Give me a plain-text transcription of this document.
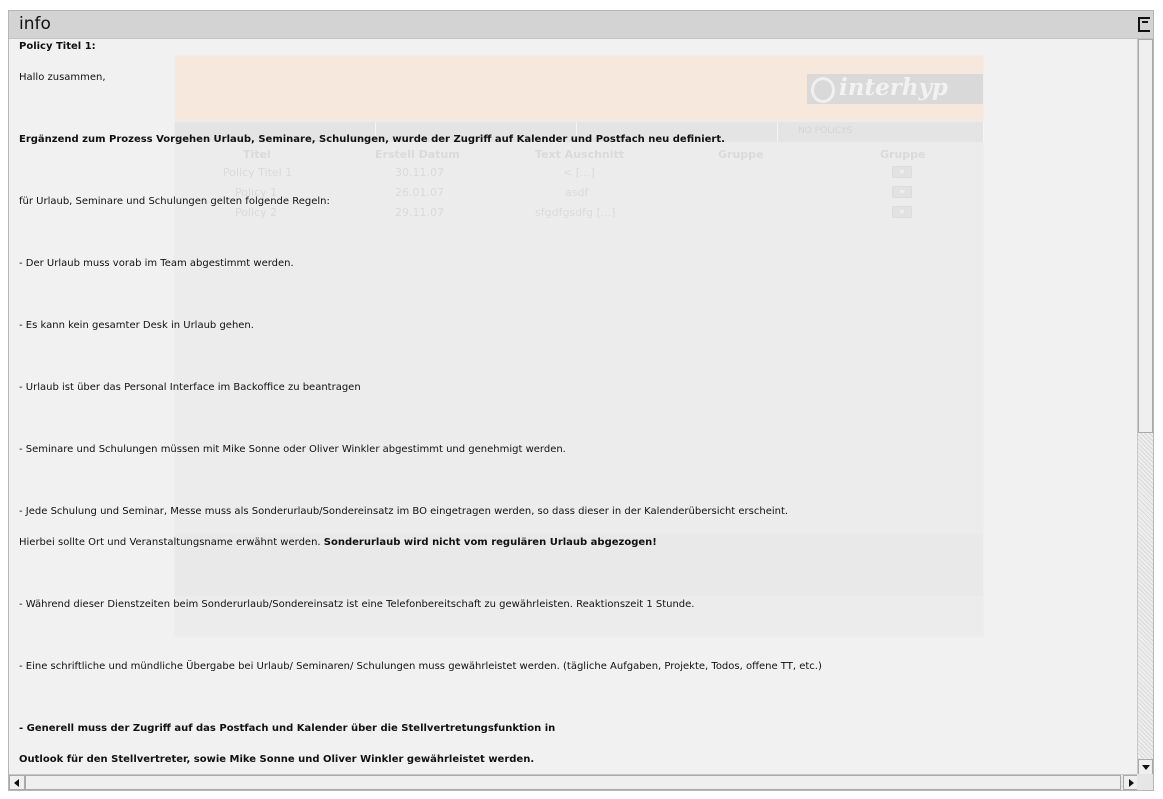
info
interhyp
NO POLICYS
Titel	Erstell Datum	Text Auschnitt	Gruppe	Gruppe
Policy Titel 1	30.11.07	< [...]	»
Policy 1	26.01.07	asdf	»
Policy 2	29.11.07	sfgdfgsdfg [...]	»
Policy Titel 1:
Hallo zusammen,
Ergänzend zum Prozess Vorgehen Urlaub, Seminare, Schulungen, wurde der Zugriff auf Kalender und Postfach neu definiert.
für Urlaub, Seminare und Schulungen gelten folgende Regeln:
- Der Urlaub muss vorab im Team abgestimmt werden.
- Es kann kein gesamter Desk in Urlaub gehen.
- Urlaub ist über das Personal Interface im Backoffice zu beantragen
- Seminare und Schulungen müssen mit Mike Sonne oder Oliver Winkler abgestimmt und genehmigt werden.
- Jede Schulung und Seminar, Messe muss als Sonderurlaub/Sondereinsatz im BO eingetragen werden, so dass dieser in der Kalenderübersicht erscheint.
Hierbei sollte Ort und Veranstaltungsname erwähnt werden. Sonderurlaub wird nicht vom regulären Urlaub abgezogen!
- Während dieser Dienstzeiten beim Sonderurlaub/Sondereinsatz ist eine Telefonbereitschaft zu gewährleisten. Reaktionszeit 1 Stunde.
- Eine schriftliche und mündliche Übergabe bei Urlaub/ Seminaren/ Schulungen muss gewährleistet werden. (tägliche Aufgaben, Projekte, Todos, offene TT, etc.)
- Generell muss der Zugriff auf das Postfach und Kalender über die Stellvertretungsfunktion in
Outlook für den Stellvertreter, sowie Mike Sonne und Oliver Winkler gewährleistet werden.
